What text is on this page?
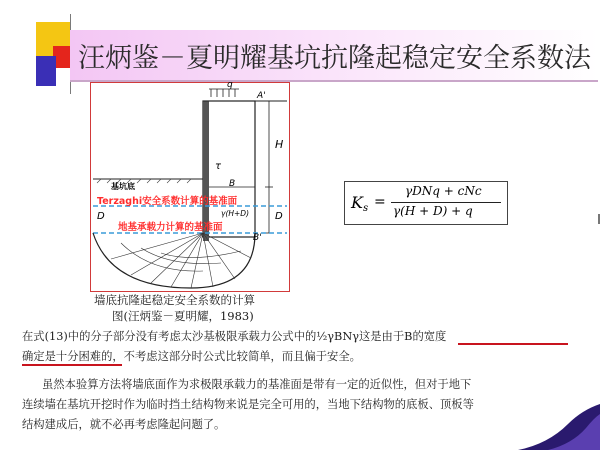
汪炳鉴－夏明耀基坑抗隆起稳定安全系数法
q
A'
H
τ
B
D	D
B'
基坑底
γ(H+D)
Terzaghi安全系数计算的基准面
地基承载力计算的基准面
墙底抗隆起稳定安全系数的计算
图(汪炳鉴－夏明耀，1983)
K s =
γDNq + cNc
γ(H + D) + q
在式(13)中的分子部分没有考虑太沙基极限承载力公式中的½γBNγ这是由于B的宽度
确定是十分困难的，不考虑这部分时公式比较简单，而且偏于安全。
虽然本验算方法将墙底面作为求极限承载力的基准面是带有一定的近似性，但对于地下
连续墙在基坑开挖时作为临时挡土结构物来说是完全可用的，当地下结构物的底板、顶板等
结构建成后，就不必再考虑隆起问题了。
